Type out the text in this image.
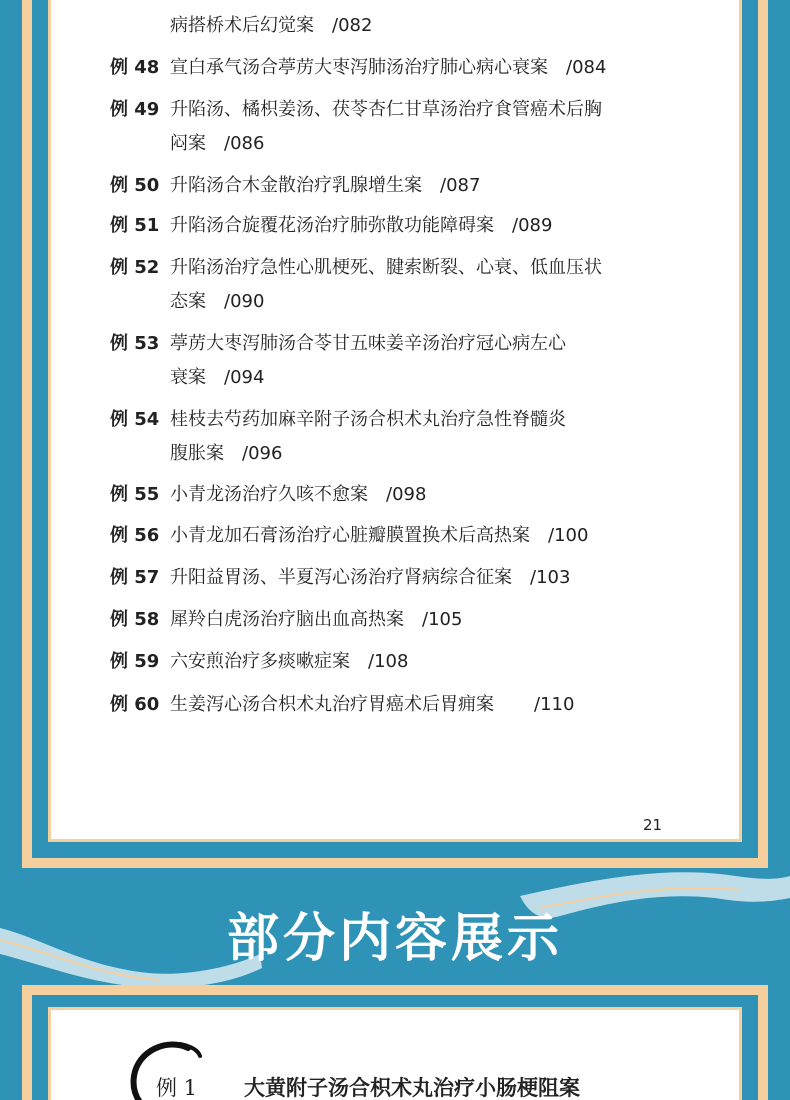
病搭桥术后幻觉案 /082
例 48 宣白承气汤合葶苈大枣泻肺汤治疗肺心病心衰案 /084
例 49 升陷汤、橘枳姜汤、茯苓杏仁甘草汤治疗食管癌术后胸
闷案 /086
例 50 升陷汤合木金散治疗乳腺增生案 /087
例 51 升陷汤合旋覆花汤治疗肺弥散功能障碍案 /089
例 52 升陷汤治疗急性心肌梗死、腱索断裂、心衰、低血压状
态案 /090
例 53 葶苈大枣泻肺汤合苓甘五味姜辛汤治疗冠心病左心
衰案 /094
例 54 桂枝去芍药加麻辛附子汤合枳术丸治疗急性脊髓炎
腹胀案 /096
例 55 小青龙汤治疗久咳不愈案 /098
例 56 小青龙加石膏汤治疗心脏瓣膜置换术后高热案 /100
例 57 升阳益胃汤、半夏泻心汤治疗肾病综合征案 /103
例 58 犀羚白虎汤治疗脑出血高热案 /105
例 59 六安煎治疗多痰嗽症案 /108
例 60 生姜泻心汤合枳术丸治疗胃癌术后胃痈案 /110
21
部分内容展示
例 1 大黄附子汤合枳术丸治疗小肠梗阻案
